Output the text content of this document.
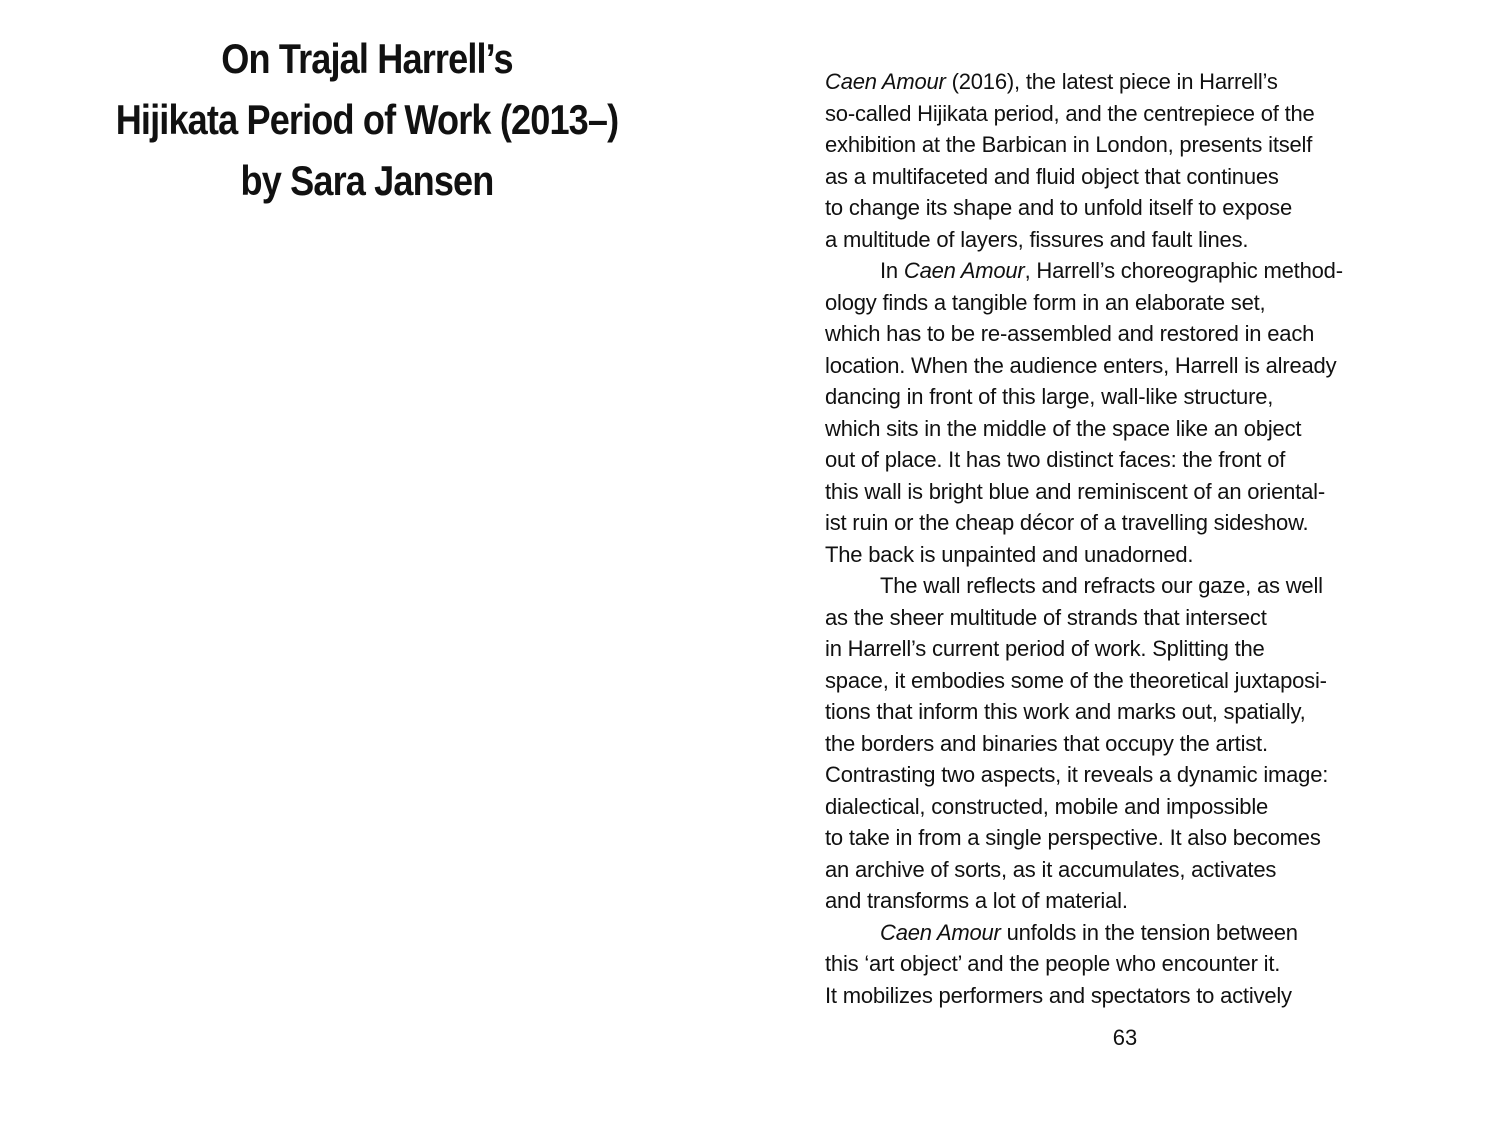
On Trajal Harrell’s
Hijikata Period of Work (2013–)
by Sara Jansen
Caen Amour (2016), the latest piece in Harrell’s
so-called Hijikata period, and the centrepiece of the
exhibition at the Barbican in London, presents itself
as a multifaceted and fluid object that continues
to change its shape and to unfold itself to expose
a multitude of layers, fissures and fault lines.
In Caen Amour, Harrell’s choreographic method-
ology finds a tangible form in an elaborate set,
which has to be re-assembled and restored in each
location. When the audience enters, Harrell is already
dancing in front of this large, wall-like structure,
which sits in the middle of the space like an object
out of place. It has two distinct faces: the front of
this wall is bright blue and reminiscent of an oriental-
ist ruin or the cheap décor of a travelling sideshow.
The back is unpainted and unadorned.
The wall reflects and refracts our gaze, as well
as the sheer multitude of strands that intersect
in Harrell’s current period of work. Splitting the
space, it embodies some of the theoretical juxtaposi-
tions that inform this work and marks out, spatially,
the borders and binaries that occupy the artist.
Contrasting two aspects, it reveals a dynamic image:
dialectical, constructed, mobile and impossible
to take in from a single perspective. It also becomes
an archive of sorts, as it accumulates, activates
and transforms a lot of material.
Caen Amour unfolds in the tension between
this ‘art object’ and the people who encounter it.
It mobilizes performers and spectators to actively
63
